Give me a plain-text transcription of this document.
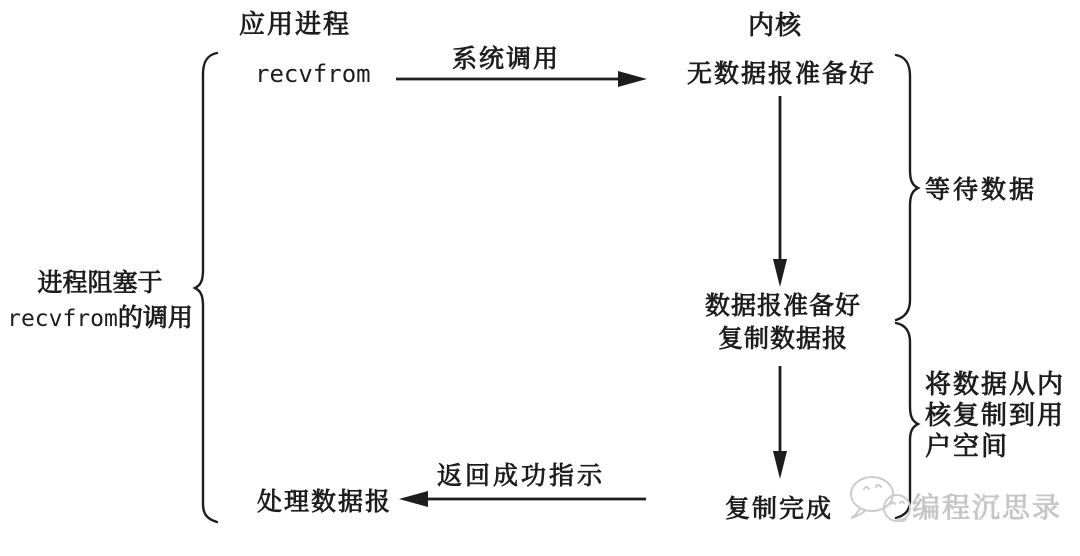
应用进程	内核
recvfrom
处理数据报
系统调用
返回成功指示
无数据报准备好
数据报准备好
复制数据报
复制完成
进程阻塞于
recvfrom的调用
等待数据
将数据从内
核复制到用
户空间
编程沉思录
